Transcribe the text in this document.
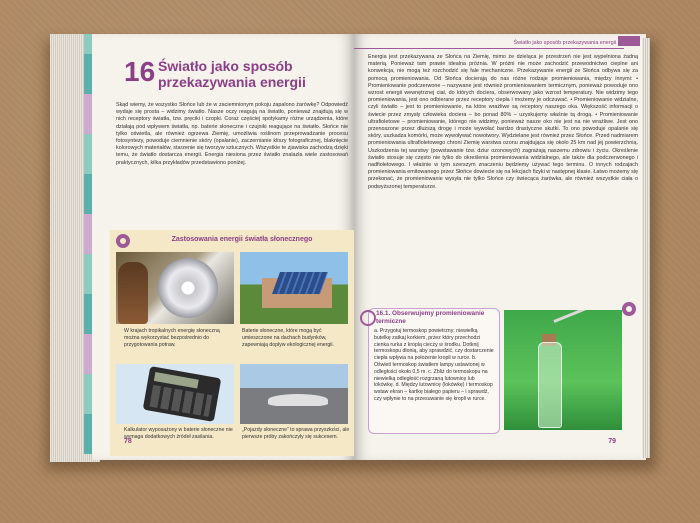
16 Światło jako sposób przekazywania energii
Skąd wiemy, że wszystko Słońce lub że w zaciemnionym pokoju zapalono żarówkę? Odpowiedź wydaje się prosta – widzimy światło. Nasze oczy reagują na światło, ponieważ znajdują się w nich receptory światła, tzw. pręciki i czopki. Coraz częściej spotykamy różne urządzenia, które działają pod wpływem światła, np. baterie słoneczne i czujniki reagujące na światło. Słońce nie tylko oświetla, ale również ogrzewa Ziemię, umożliwia roślinom przeprowadzanie procesu fotosyntezy, powoduje ciemnienie skóry (opalanie), zaczernianie kliszy fotograficznej, blaknięcie kolorowych materiałów, starzenie się tworzyw sztucznych. Wszystkie te zjawiska zachodzą dzięki temu, że światło dostarcza energii. Energia niesiona przez światło znalazła wiele zastosowań praktycznych, kilka przykładów przedstawiono poniżej.
Zastosowania energii światła słonecznego
W krajach tropikalnych energię słoneczną można wykorzystać bezpośrednio do przygotowania potraw.
Baterie słoneczne, które mogą być umieszczone na dachach budynków, zapewniają dopływ ekologicznej energii.
Kalkulator wyposażony w baterie słoneczne nie wymaga dodatkowych źródeł zasilania.
„Pojazdy słoneczne” to sprawa przyszłości, ale pierwsze próby zakończyły się sukcesem.
78
Światło jako sposób przekazywania energii
Energia jest przekazywana ze Słońca na Ziemię, mimo że dzieląca je przestrzeń nie jest wypełniona żadną materią. Ponieważ tam prawie idealna próżnia. W próżni nie może zachodzić przewodnictwo cieplne ani konwekcja, nie mogą też rozchodzić się fale mechaniczne. Przekazywanie energii ze Słońca odbywa się za pomocą promieniowania. Od Słońca docierają do nas różne rodzaje promieniowania, między innymi: • Promieniowanie podczerwone – nazywane jest również promieniowaniem termicznym, ponieważ powoduje ono wzrost energii wewnętrznej ciał, do których dociera, obserwowany jako wzrost temperatury. Nie widzimy tego promieniowania, jest ono odbierane przez receptory ciepła i możemy je odczuwać. • Promieniowanie widzialne, czyli światło – jest to promieniowanie, na które wrażliwe są receptory naszego oka. Większość informacji o świecie przez zmysły człowieka dociera – bo ponad 80% – uzyskujemy właśnie tą drogą. • Promieniowanie ultrafioletowe – promieniowanie, którego nie widzimy, ponieważ nasze oko nie jest na nie wrażliwe. Jest ono przenoszone przez dłuższą drogę i może wywołać bardzo drastyczne skutki. To ono powoduje opalanie się skóry, uszkadza komórki, może wywoływać nowotwory. Wydzielane jest również przez Słońce. Przed nadmiarem promieniowania ultrafioletowego chroni Ziemię warstwa ozonu znajdująca się około 25 km nad jej powierzchnią. Uszkodzenia tej warstwy (powstawanie tzw. dziur ozonowych) zagrażają naszemu zdrowiu i życiu. Określenie światło stosuje się często nie tylko do określenia promieniowania widzialnego, ale także dla podczerwonego i nadfioletowego. I właśnie w tym szerszym znaczeniu będziemy używać tego terminu. O innych rodzajach promieniowania emitowanego przez Słońce dowiecie się na lekcjach fizyki w następnej klasie. Łatwo możemy się przekonać, że promieniowanie wysyła nie tylko Słońce czy świecąca żarówka, ale również wszystkie ciała o podwyższonej temperaturze.
16.1. Obserwujemy promieniowanie termiczne
a. Przygotuj termoskop powietrzny: niewielką butelkę zatkaj korkiem, przez który przechodzi cienka rurka z kroplą cieczy w środku. Dotknij termoskopu dłonią, aby sprawdzić, czy dostarczenie ciepła wpływa na położenie kropli w rurce. b. Oświetl termoskop światłem lampy ustawionej w odległości około 0,5 m. c. Zbliż do termoskopu na niewielką odległość rozgrzaną lutownicę lub lokówkę. d. Między lutownicę (lokówkę) i termoskop wstaw ekran – kartkę białego papieru – i sprawdź, czy wpłynie to na przesuwanie się kropli w rurce.
79
